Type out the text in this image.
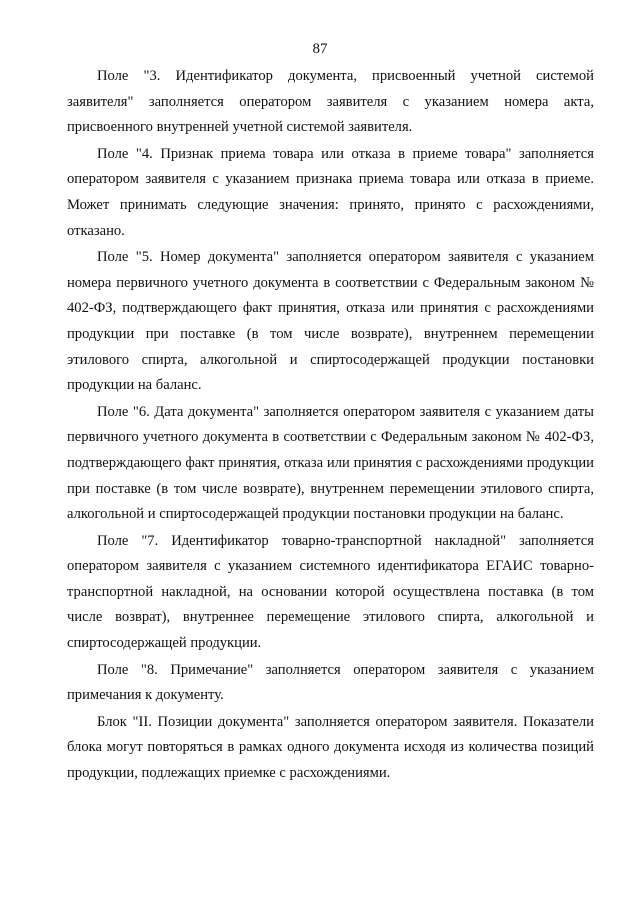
87

Поле "3. Идентификатор документа, присвоенный учетной системой заявителя" заполняется оператором заявителя с указанием номера акта, присвоенного внутренней учетной системой заявителя.

Поле "4. Признак приема товара или отказа в приеме товара" заполняется оператором заявителя с указанием признака приема товара или отказа в приеме. Может принимать следующие значения: принято, принято с расхождениями, отказано.

Поле "5. Номер документа" заполняется оператором заявителя с указанием номера первичного учетного документа в соответствии с Федеральным законом № 402-ФЗ, подтверждающего факт принятия, отказа или принятия с расхождениями продукции при поставке (в том числе возврате), внутреннем перемещении этилового спирта, алкогольной и спиртосодержащей продукции постановки продукции на баланс.

Поле "6. Дата документа" заполняется оператором заявителя с указанием даты первичного учетного документа в соответствии с Федеральным законом № 402-ФЗ, подтверждающего факт принятия, отказа или принятия с расхождениями продукции при поставке (в том числе возврате), внутреннем перемещении этилового спирта, алкогольной и спиртосодержащей продукции постановки продукции на баланс.

Поле "7. Идентификатор товарно-транспортной накладной" заполняется оператором заявителя с указанием системного идентификатора ЕГАИС товарно-транспортной накладной, на основании которой осуществлена поставка (в том числе возврат), внутреннее перемещение этилового спирта, алкогольной и спиртосодержащей продукции.

Поле "8. Примечание" заполняется оператором заявителя с указанием примечания к документу.

Блок "II. Позиции документа" заполняется оператором заявителя. Показатели блока могут повторяться в рамках одного документа исходя из количества позиций продукции, подлежащих приемке с расхождениями.
